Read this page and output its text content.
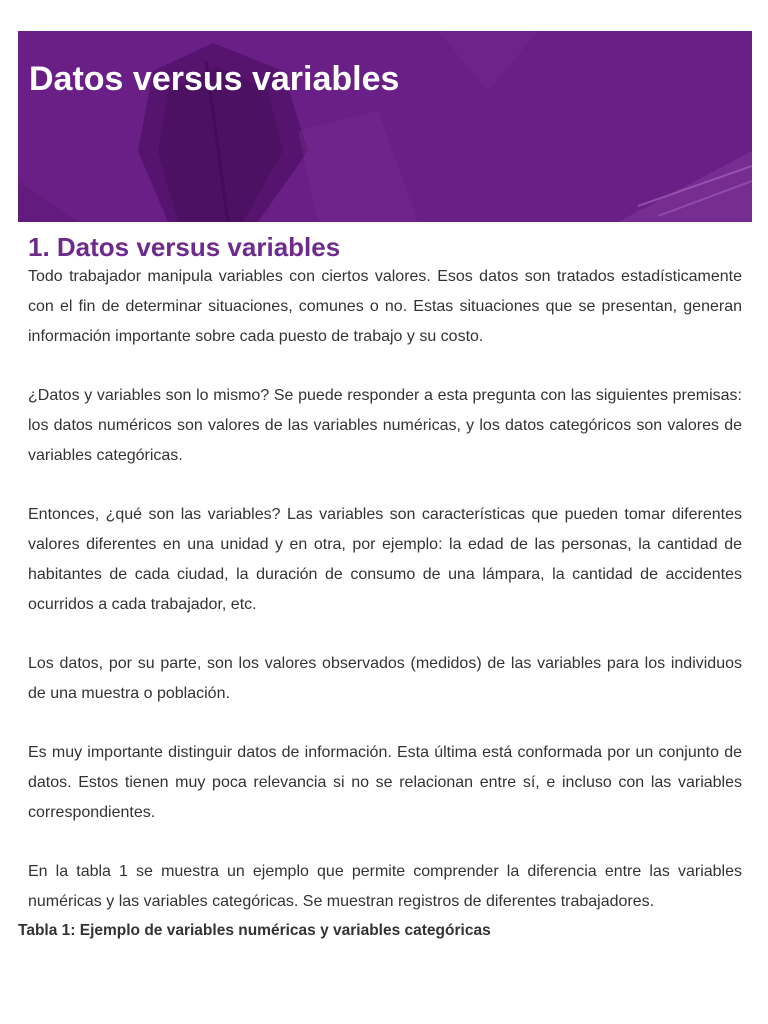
Datos versus variables
1. Datos versus variables

Todo trabajador manipula variables con ciertos valores. Esos datos son tratados estadísticamente con el fin de determinar situaciones, comunes o no. Estas situaciones que se presentan, generan información importante sobre cada puesto de trabajo y su costo.

¿Datos y variables son lo mismo? Se puede responder a esta pregunta con las siguientes premisas: los datos numéricos son valores de las variables numéricas, y los datos categóricos son valores de variables categóricas.

Entonces, ¿qué son las variables? Las variables son características que pueden tomar diferentes valores diferentes en una unidad y en otra, por ejemplo: la edad de las personas, la cantidad de habitantes de cada ciudad, la duración de consumo de una lámpara, la cantidad de accidentes ocurridos a cada trabajador, etc.

Los datos, por su parte, son los valores observados (medidos) de las variables para los individuos de una muestra o población.

Es muy importante distinguir datos de información. Esta última está conformada por un conjunto de datos. Estos tienen muy poca relevancia si no se relacionan entre sí, e incluso con las variables correspondientes.

En la tabla 1 se muestra un ejemplo que permite comprender la diferencia entre las variables numéricas y las variables categóricas. Se muestran registros de diferentes trabajadores.

Tabla 1: Ejemplo de variables numéricas y variables categóricas
